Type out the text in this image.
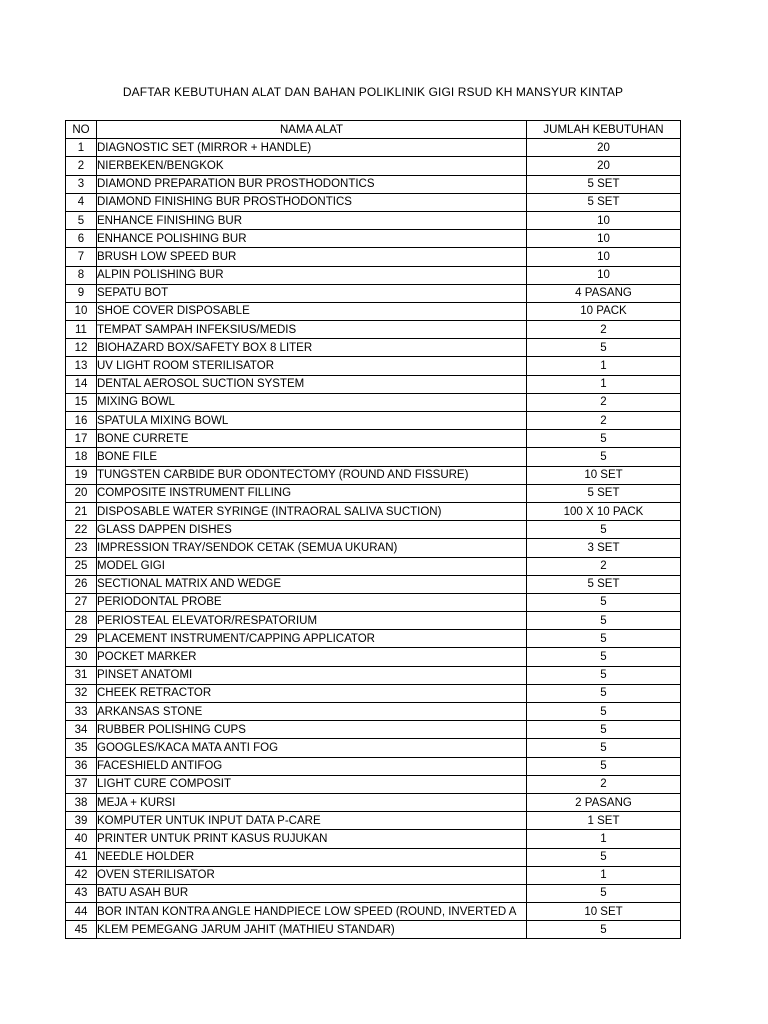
DAFTAR KEBUTUHAN ALAT DAN BAHAN POLIKLINIK GIGI RSUD KH MANSYUR KINTAP
NO	NAMA ALAT	JUMLAH KEBUTUHAN
1	DIAGNOSTIC SET (MIRROR + HANDLE)	20
2	NIERBEKEN/BENGKOK	20
3	DIAMOND PREPARATION BUR PROSTHODONTICS	5 SET
4	DIAMOND FINISHING BUR PROSTHODONTICS	5 SET
5	ENHANCE FINISHING BUR	10
6	ENHANCE POLISHING BUR	10
7	BRUSH LOW SPEED BUR	10
8	ALPIN POLISHING BUR	10
9	SEPATU BOT	4 PASANG
10	SHOE COVER DISPOSABLE	10 PACK
11	TEMPAT SAMPAH INFEKSIUS/MEDIS	2
12	BIOHAZARD BOX/SAFETY BOX 8 LITER	5
13	UV LIGHT ROOM STERILISATOR	1
14	DENTAL AEROSOL SUCTION SYSTEM	1
15	MIXING BOWL	2
16	SPATULA MIXING BOWL	2
17	BONE CURRETE	5
18	BONE FILE	5
19	TUNGSTEN CARBIDE BUR ODONTECTOMY (ROUND AND FISSURE)	10 SET
20	COMPOSITE INSTRUMENT FILLING	5 SET
21	DISPOSABLE WATER SYRINGE (INTRAORAL SALIVA SUCTION)	100 X 10 PACK
22	GLASS DAPPEN DISHES	5
23	IMPRESSION TRAY/SENDOK CETAK (SEMUA UKURAN)	3 SET
25	MODEL GIGI	2
26	SECTIONAL MATRIX AND WEDGE	5 SET
27	PERIODONTAL PROBE	5
28	PERIOSTEAL ELEVATOR/RESPATORIUM	5
29	PLACEMENT INSTRUMENT/CAPPING APPLICATOR	5
30	POCKET MARKER	5
31	PINSET ANATOMI	5
32	CHEEK RETRACTOR	5
33	ARKANSAS STONE	5
34	RUBBER POLISHING CUPS	5
35	GOOGLES/KACA MATA ANTI FOG	5
36	FACESHIELD ANTIFOG	5
37	LIGHT CURE COMPOSIT	2
38	MEJA + KURSI	2 PASANG
39	KOMPUTER UNTUK INPUT DATA P-CARE	1 SET
40	PRINTER UNTUK PRINT KASUS RUJUKAN	1
41	NEEDLE HOLDER	5
42	OVEN STERILISATOR	1
43	BATU ASAH BUR	5
44	BOR INTAN KONTRA ANGLE HANDPIECE LOW SPEED (ROUND, INVERTED A	10 SET
45	KLEM PEMEGANG JARUM JAHIT (MATHIEU STANDAR)	5
